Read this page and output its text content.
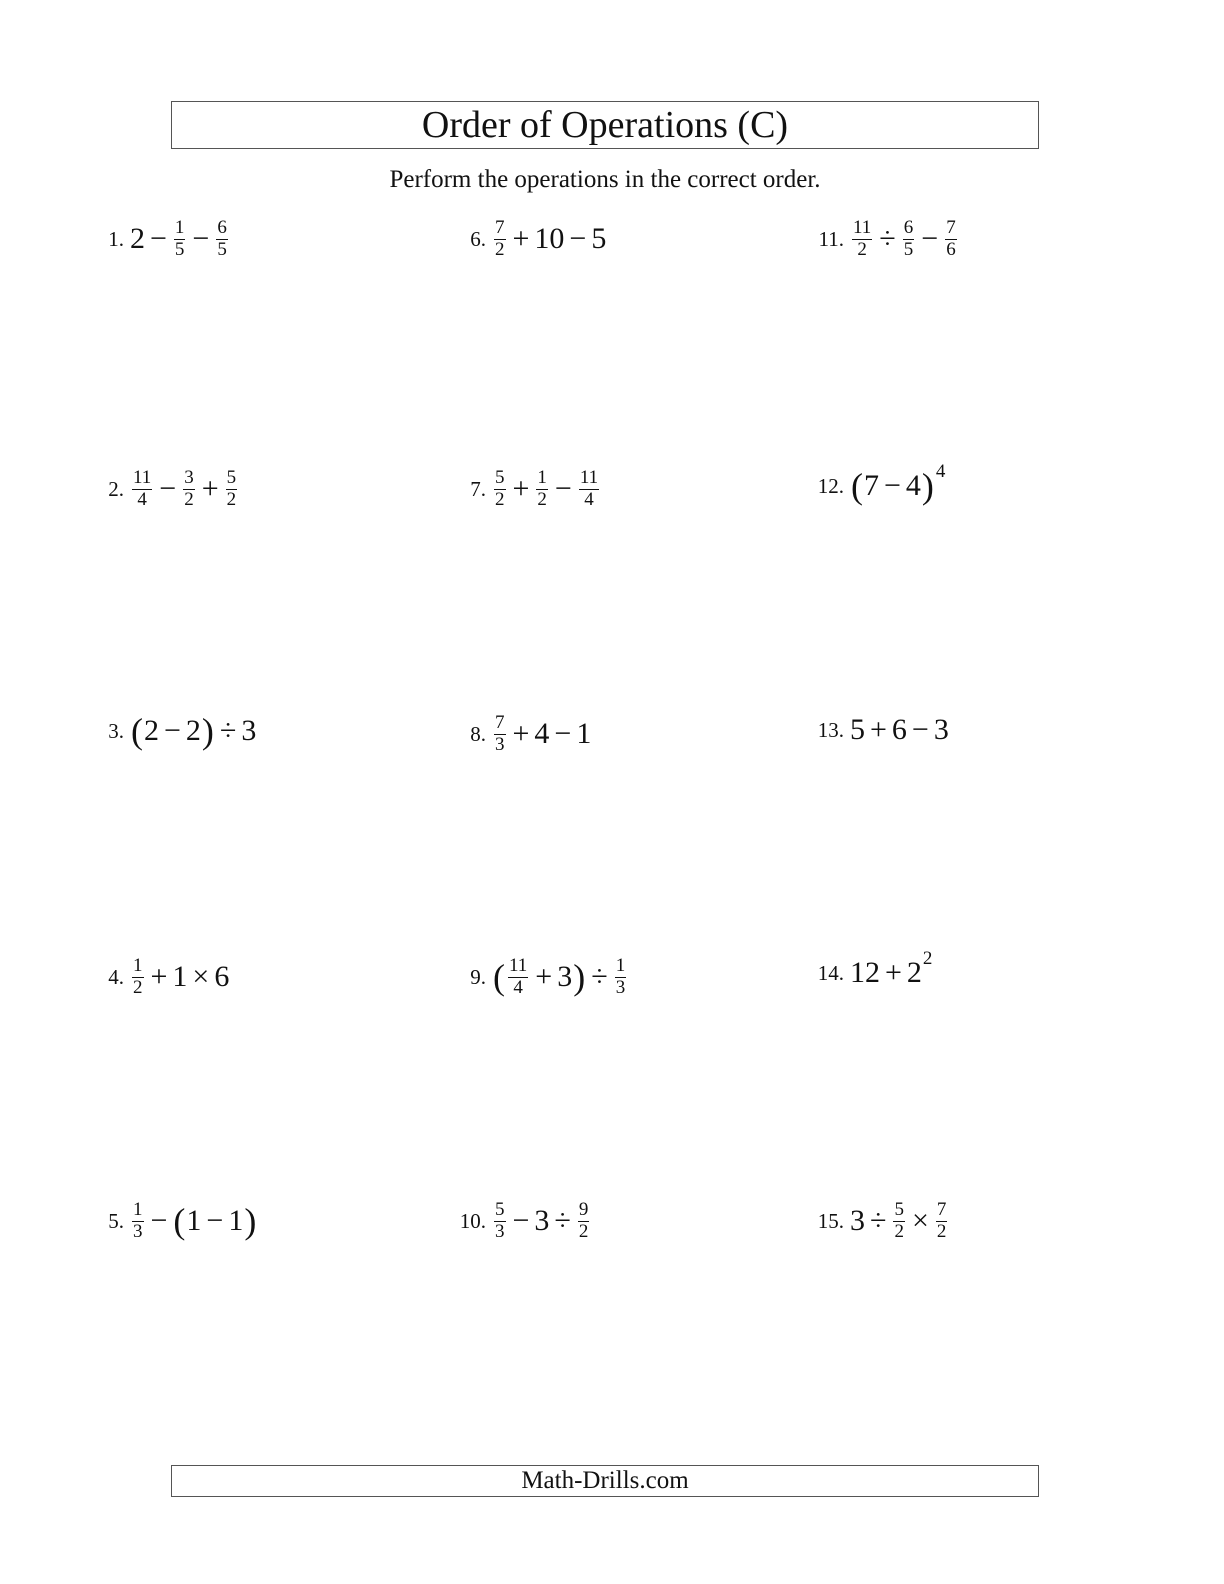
Order of Operations (C)
Perform the operations in the correct order.
1. $2 - \frac{1}{5} - \frac{6}{5}$
2. $\frac{11}{4} - \frac{3}{2} + \frac{5}{2}$
3. ( 2 − 2 ) ÷ 3
4. $\frac{1}{2} + 1 \times 6$
5. $\frac{1}{3}$ − ( 1 − 1 )
6. $\frac{7}{2} + 10 - 5$
7. $\frac{5}{2} + \frac{1}{2} - \frac{11}{4}$
8. $\frac{7}{3} + 4 - 1$
9. ( $\frac{11}{4} + 3$ ) ÷ $\frac{1}{3}$
10. $\frac{5}{3} - 3 \div \frac{9}{2}$
11. $\frac{11}{2} \div \frac{6}{5} - \frac{7}{6}$
12. ( 7 − 4 ) 4
13. 5 + 6 − 3
14. 12 + 2 2
15. $3 \div \frac{5}{2} \times \frac{7}{2}$
Math-Drills.com
